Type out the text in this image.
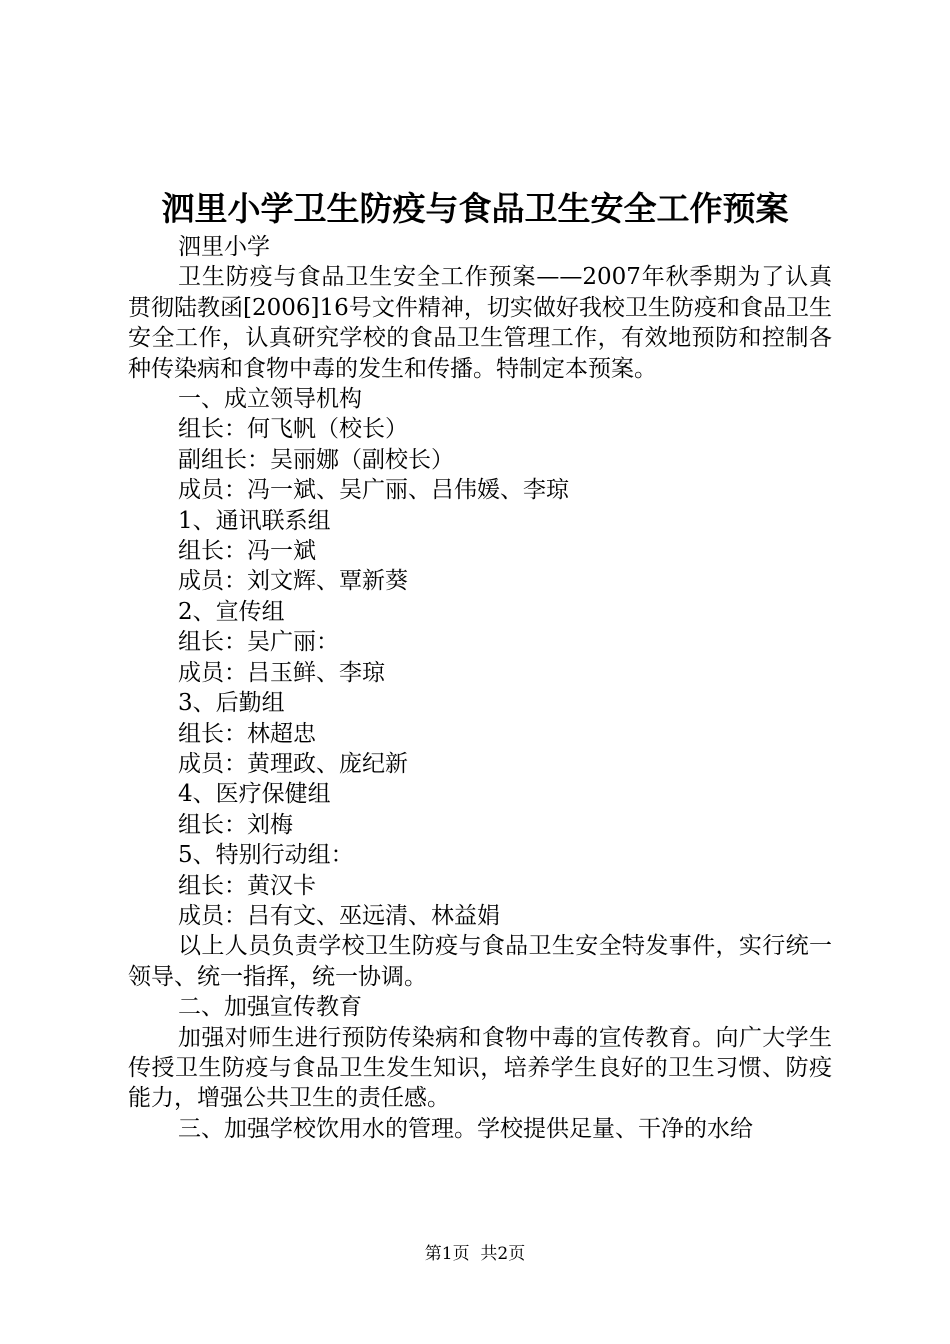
泗里小学卫生防疫与食品卫生安全工作预案

泗里小学

卫生防疫与食品卫生安全工作预案——2007年秋季期为了认真贯彻陆教函[2006]16号文件精神，切实做好我校卫生防疫和食品卫生安全工作，认真研究学校的食品卫生管理工作，有效地预防和控制各种传染病和食物中毒的发生和传播。特制定本预案。

一、成立领导机构

组长：何飞帆（校长）

副组长：吴丽娜（副校长）

成员：冯一斌、吴广丽、吕伟媛、李琼

1、通讯联系组

组长：冯一斌

成员：刘文辉、覃新葵

2、宣传组

组长：吴广丽：

成员：吕玉鲜、李琼

3、后勤组

组长：林超忠

成员：黄理政、庞纪新

4、医疗保健组

组长：刘梅

5、特别行动组：

组长：黄汉卡

成员：吕有文、巫远清、林益娟

以上人员负责学校卫生防疫与食品卫生安全特发事件，实行统一领导、统一指挥，统一协调。

二、加强宣传教育

加强对师生进行预防传染病和食物中毒的宣传教育。向广大学生传授卫生防疫与食品卫生发生知识，培养学生良好的卫生习惯、防疫能力，增强公共卫生的责任感。

三、加强学校饮用水的管理。学校提供足量、干净的水给

第1页  共2页
